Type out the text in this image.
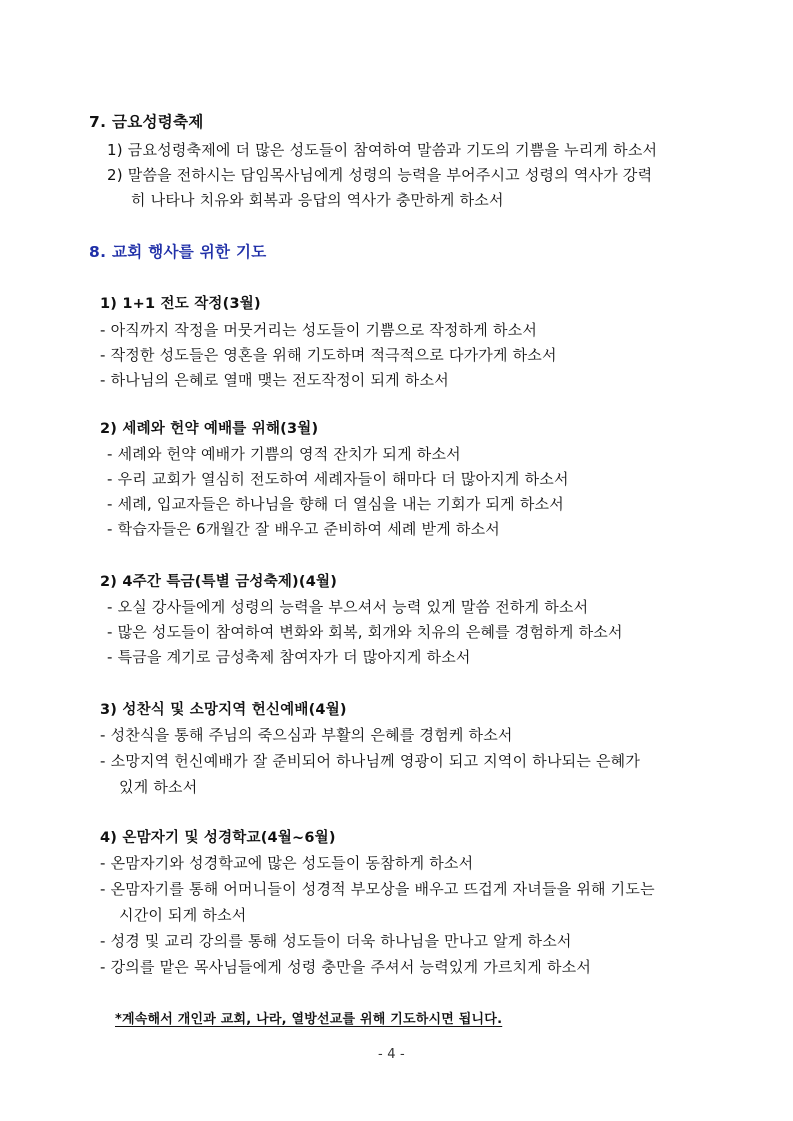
7. 금요성령축제
1) 금요성령축제에 더 많은 성도들이 참여하여 말씀과 기도의 기쁨을 누리게 하소서
2) 말씀을 전하시는 담임목사님에게 성령의 능력을 부어주시고 성령의 역사가 강력
히 나타나 치유와 회복과 응답의 역사가 충만하게 하소서
8. 교회 행사를 위한 기도
1) 1+1 전도 작정(3월)
- 아직까지 작정을 머뭇거리는 성도들이 기쁨으로 작정하게 하소서
- 작정한 성도들은 영혼을 위해 기도하며 적극적으로 다가가게 하소서
- 하나님의 은혜로 열매 맺는 전도작정이 되게 하소서
2) 세례와 헌약 예배를 위해(3월)
- 세례와 헌약 예배가 기쁨의 영적 잔치가 되게 하소서
- 우리 교회가 열심히 전도하여 세례자들이 해마다 더 많아지게 하소서
- 세례, 입교자들은 하나님을 향해 더 열심을 내는 기회가 되게 하소서
- 학습자들은 6개월간 잘 배우고 준비하여 세례 받게 하소서
2) 4주간 특금(특별 금성축제)(4월)
- 오실 강사들에게 성령의 능력을 부으셔서 능력 있게 말씀 전하게 하소서
- 많은 성도들이 참여하여 변화와 회복, 회개와 치유의 은혜를 경험하게 하소서
- 특금을 계기로 금성축제 참여자가 더 많아지게 하소서
3) 성찬식 및 소망지역 헌신예배(4월)
- 성찬식을 통해 주님의 죽으심과 부활의 은혜를 경험케 하소서
- 소망지역 헌신예배가 잘 준비되어 하나님께 영광이 되고 지역이 하나되는 은혜가
있게 하소서
4) 온맘자기 및 성경학교(4월~6월)
- 온맘자기와 성경학교에 많은 성도들이 동참하게 하소서
- 온맘자기를 통해 어머니들이 성경적 부모상을 배우고 뜨겁게 자녀들을 위해 기도는
시간이 되게 하소서
- 성경 및 교리 강의를 통해 성도들이 더욱 하나님을 만나고 알게 하소서
- 강의를 맡은 목사님들에게 성령 충만을 주셔서 능력있게 가르치게 하소서
*계속해서 개인과 교회, 나라, 열방선교를 위해 기도하시면 됩니다.
- 4 -
